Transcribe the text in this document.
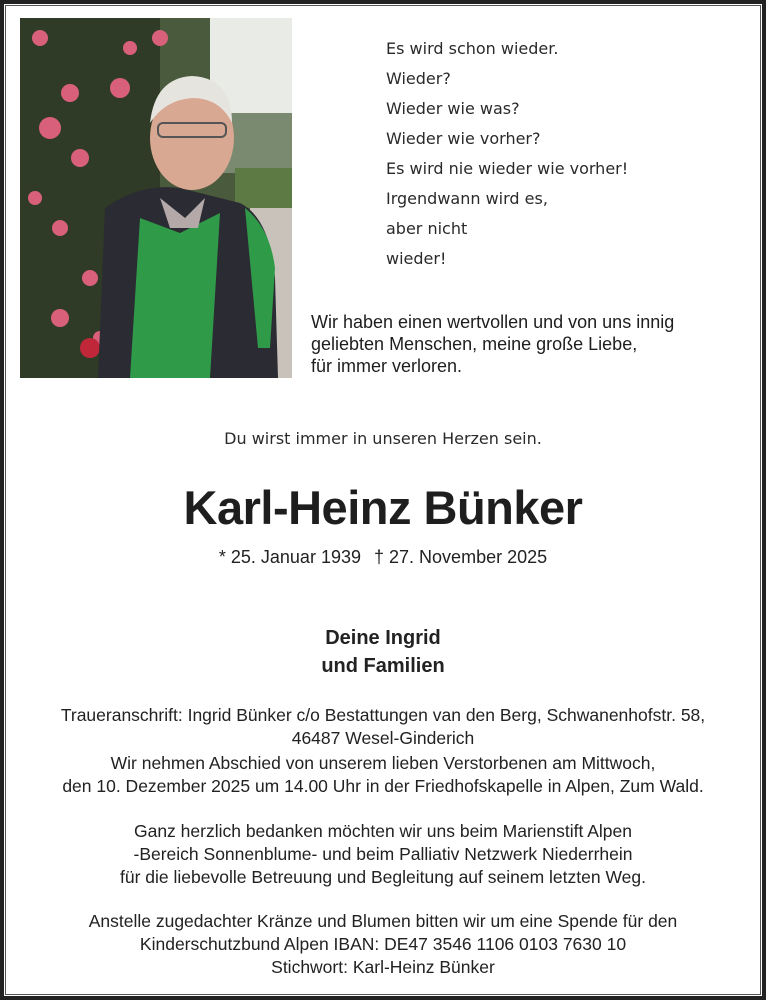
Es wird schon wieder.
Wieder?
Wieder wie was?
Wieder wie vorher?
Es wird nie wieder wie vorher!
Irgendwann wird es,
aber nicht
wieder!
Wir haben einen wertvollen und von uns innig
geliebten Menschen, meine große Liebe,
für immer verloren.
Du wirst immer in unseren Herzen sein.
Karl-Heinz Bünker
* 25. Januar 1939 † 27. November 2025
Deine Ingrid
und Familien
Traueranschrift: Ingrid Bünker c/o Bestattungen van den Berg, Schwanenhofstr. 58,
46487 Wesel-Ginderich
Wir nehmen Abschied von unserem lieben Verstorbenen am Mittwoch,
den 10. Dezember 2025 um 14.00 Uhr in der Friedhofskapelle in Alpen, Zum Wald.
Ganz herzlich bedanken möchten wir uns beim Marienstift Alpen
-Bereich Sonnenblume- und beim Palliativ Netzwerk Niederrhein
für die liebevolle Betreuung und Begleitung auf seinem letzten Weg.
Anstelle zugedachter Kränze und Blumen bitten wir um eine Spende für den
Kinderschutzbund Alpen IBAN: DE47 3546 1106 0103 7630 10
Stichwort: Karl-Heinz Bünker
